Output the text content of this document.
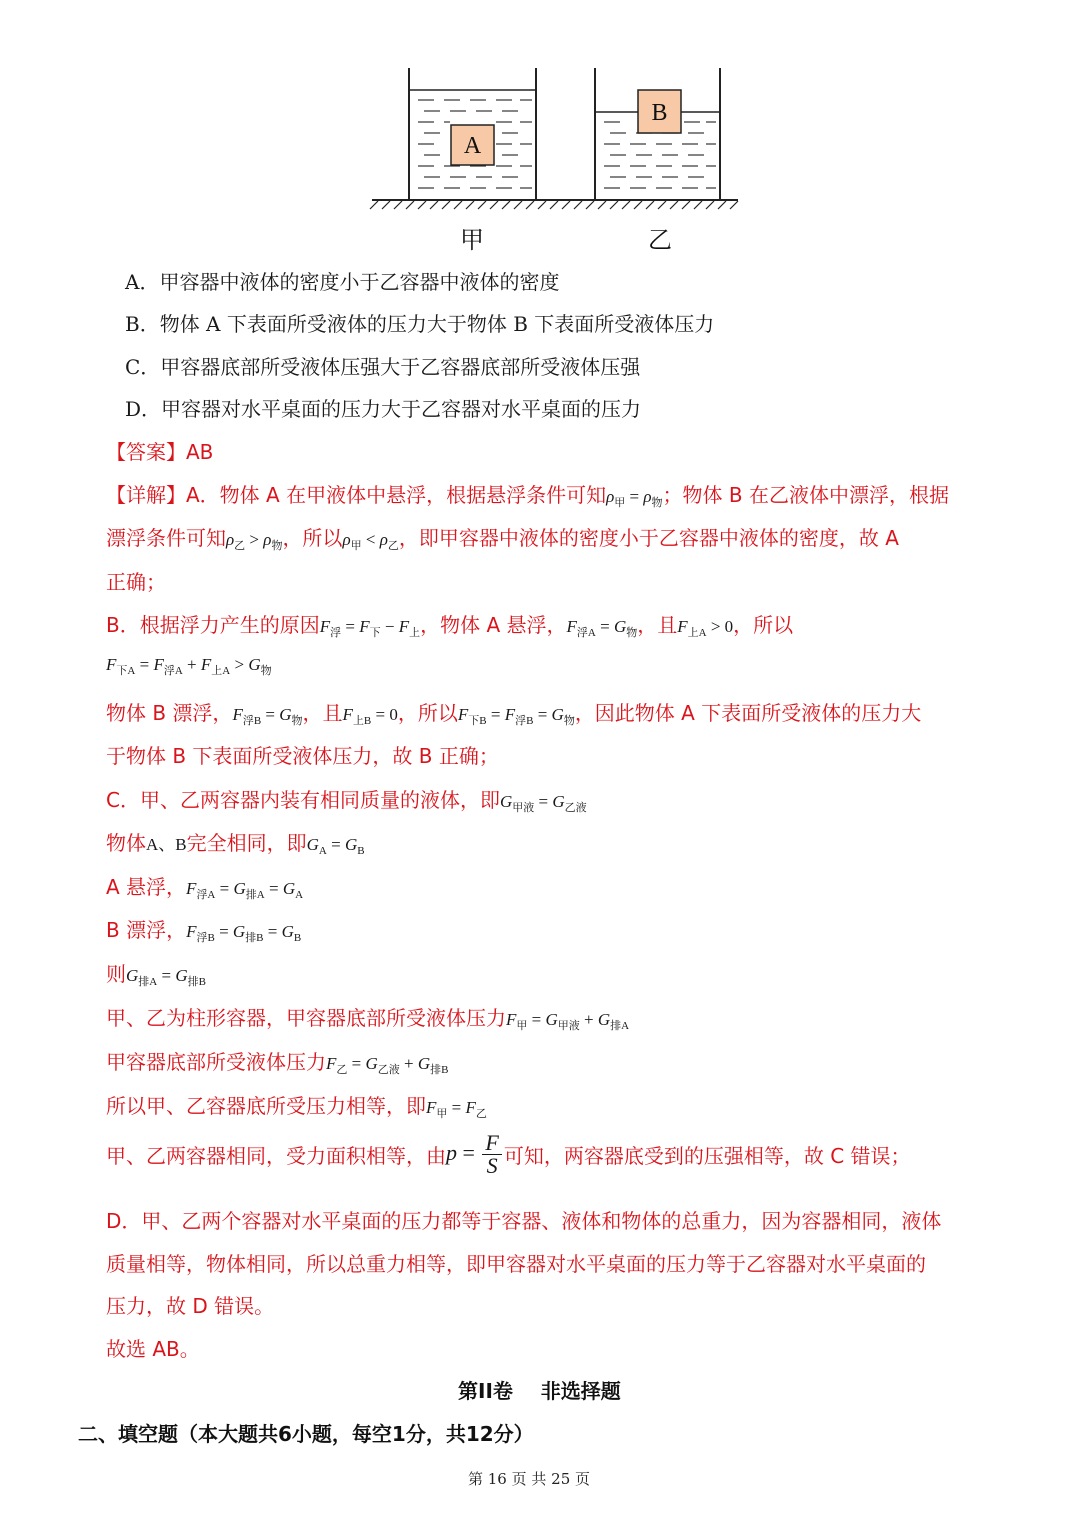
A
B
甲	乙
A．甲容器中液体的密度小于乙容器中液体的密度
B．物体 A 下表面所受液体的压力大于物体 B 下表面所受液体压力
C．甲容器底部所受液体压强大于乙容器底部所受液体压强
D．甲容器对水平桌面的压力大于乙容器对水平桌面的压力
【答案】AB
【详解】A．物体 A 在甲液体中悬浮，根据悬浮条件可知$\rho_甲 = \rho_物$；物体 B 在乙液体中漂浮，根据
漂浮条件可知$\rho_乙 > \rho_物$，所以$\rho_甲 < \rho_乙$，即甲容器中液体的密度小于乙容器中液体的密度，故 A
正确；
B．根据浮力产生的原因$F_浮 = F_下 - F_上$，物体 A 悬浮，$F_{浮A} = G_物$，且$F_{上A} > 0$，所以
$F_{下A} = F_{浮A} + F_{上A} > G_物$
物体 B 漂浮，$F_{浮B} = G_物$，且$F_{上B} = 0$，所以$F_{下B} = F_{浮B} = G_物$，因此物体 A 下表面所受液体的压力大
于物体 B 下表面所受液体压力，故 B 正确；
C．甲、乙两容器内装有相同质量的液体，即$G_{甲液} = G_{乙液}$
物体A、B完全相同，即$G_A = G_B$
A 悬浮，$F_{浮A} = G_{排A} = G_A$
B 漂浮，$F_{浮B} = G_{排B} = G_B$
则$G_{排A} = G_{排B}$
甲、乙为柱形容器，甲容器底部所受液体压力$F_甲 = G_{甲液} + G_{排A}$
甲容器底部所受液体压力$F_乙 = G_{乙液} + G_{排B}$
所以甲、乙容器底所受压力相等，即$F_甲 = F_乙$
甲、乙两容器相同，受力面积相等，由$p = \frac{F}{S}$ 可知，两容器底受到的压强相等，故 C 错误；
D．甲、乙两个容器对水平桌面的压力都等于容器、液体和物体的总重力，因为容器相同，液体
质量相等，物体相同，所以总重力相等，即甲容器对水平桌面的压力等于乙容器对水平桌面的
压力，故 D 错误。
故选 AB。
第II卷    非选择题
二、填空题（本大题共6小题，每空1分，共12分）
第 16 页 共 25 页
